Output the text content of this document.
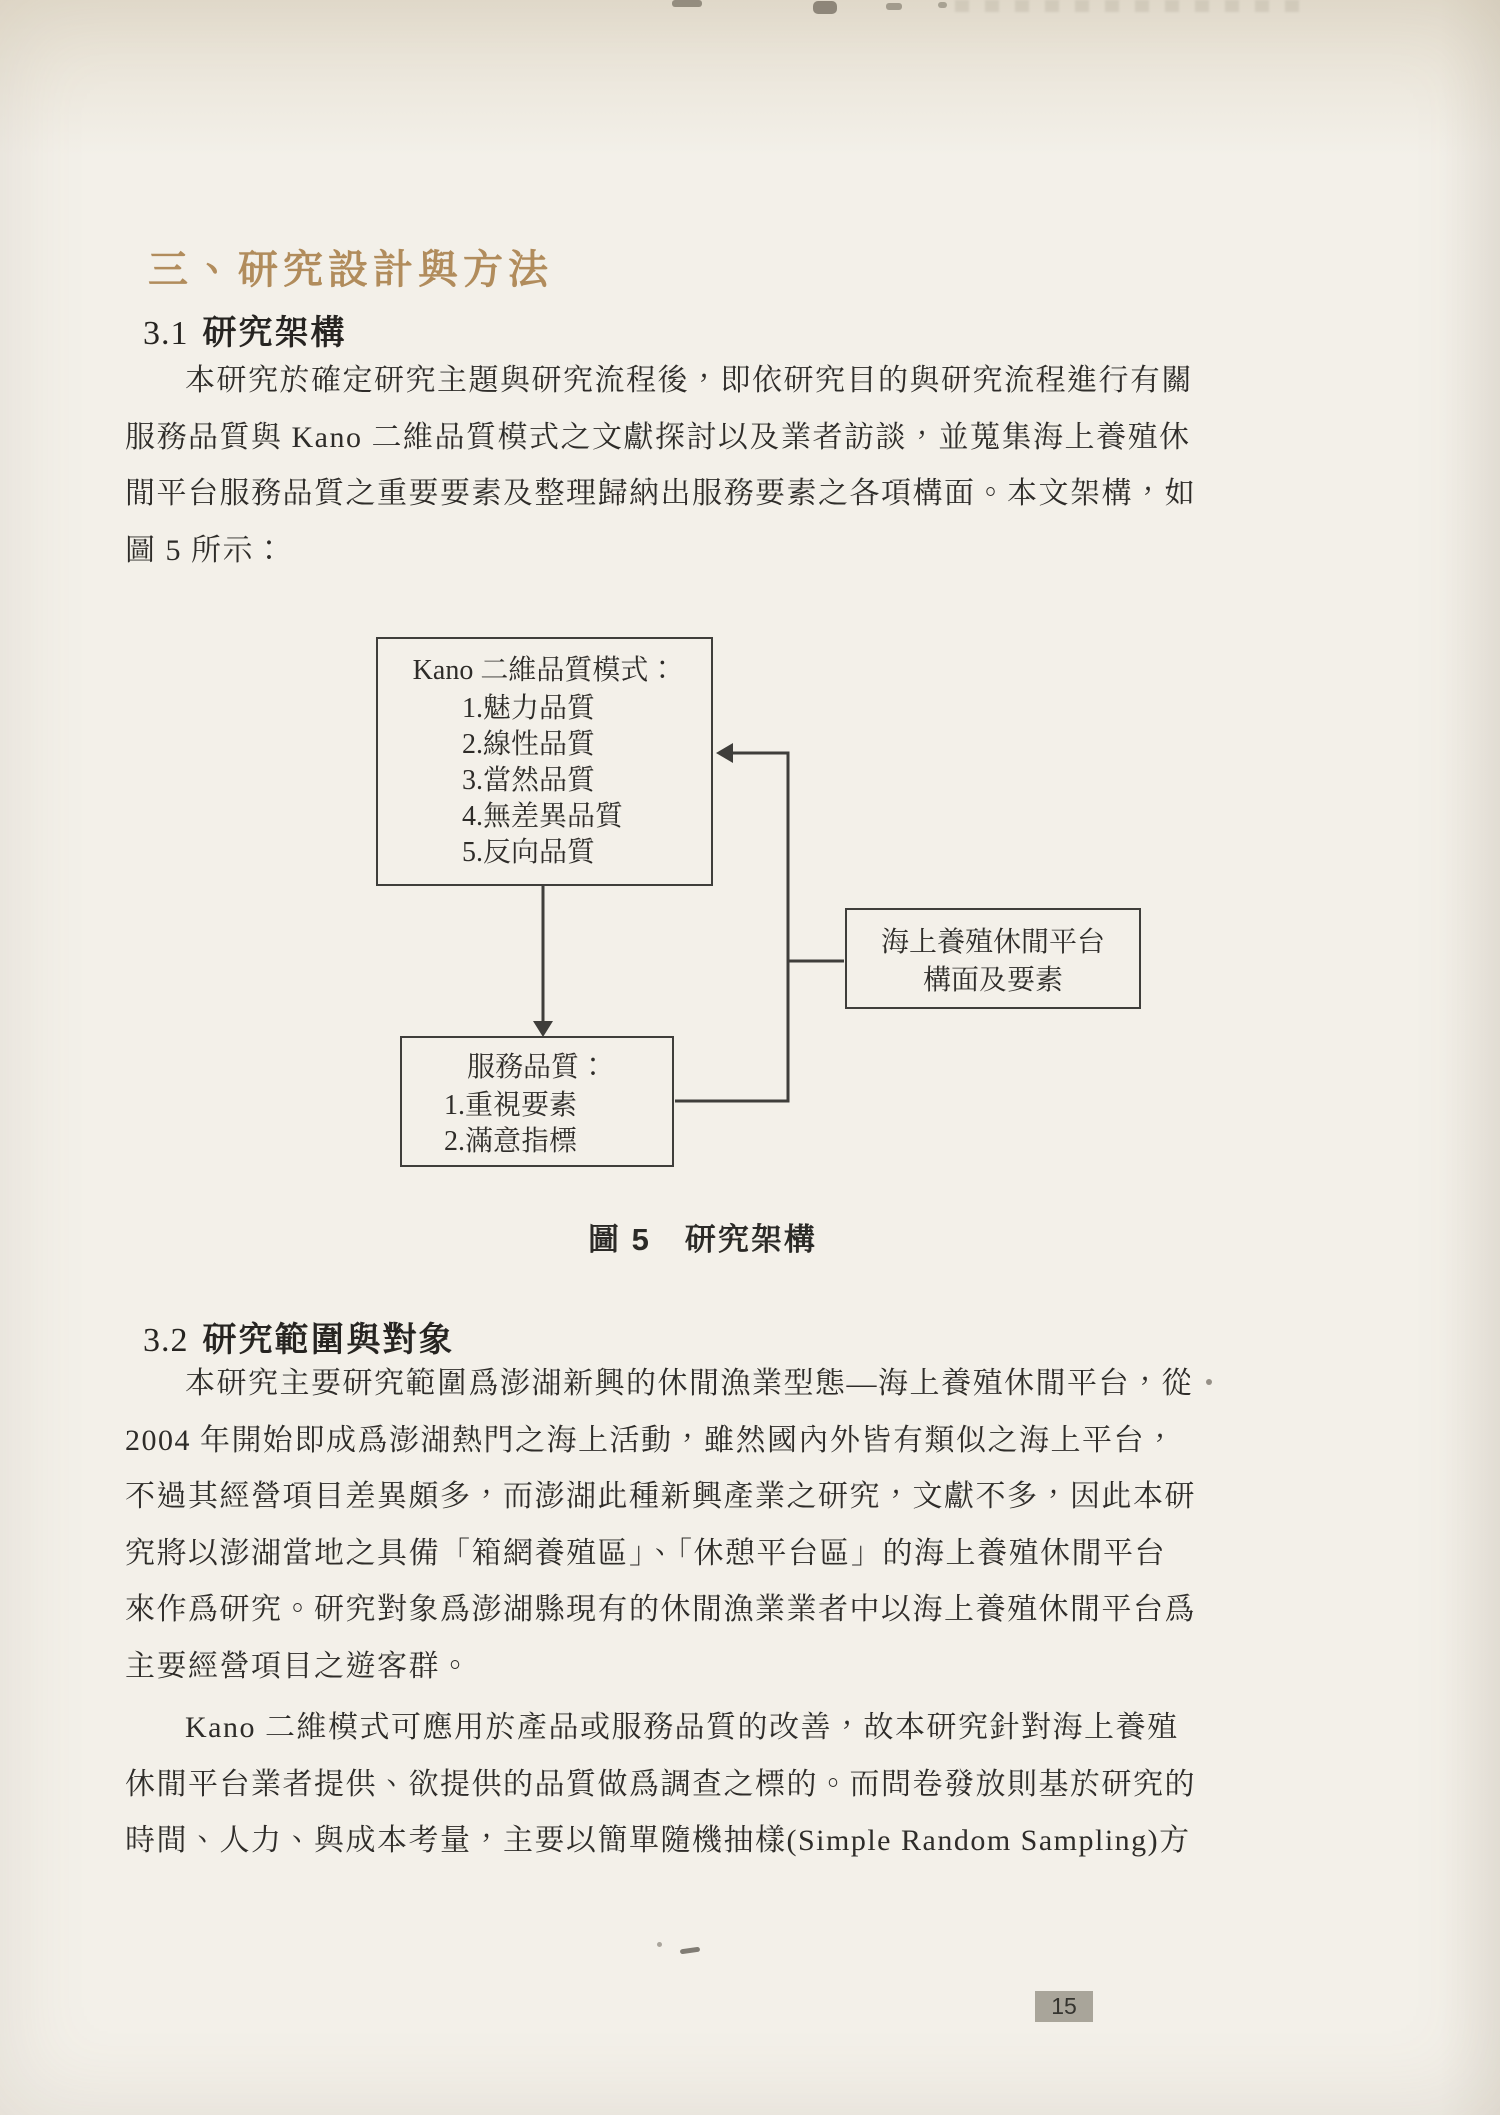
三、研究設計與方法
3.1 研究架構
本研究於確定研究主題與研究流程後，即依研究目的與研究流程進行有關
服務品質與 Kano 二維品質模式之文獻探討以及業者訪談，並蒐集海上養殖休
閒平台服務品質之重要要素及整理歸納出服務要素之各項構面。本文架構，如
圖 5 所示：
Kano 二維品質模式：
1.魅力品質
2.線性品質
3.當然品質
4.無差異品質
5.反向品質
服務品質：
1.重視要素
2.滿意指標
海上養殖休閒平台
構面及要素
圖 5 研究架構
3.2 研究範圍與對象
本研究主要研究範圍爲澎湖新興的休閒漁業型態—海上養殖休閒平台，從
2004 年開始即成爲澎湖熱門之海上活動，雖然國內外皆有類似之海上平台，
不過其經營項目差異頗多，而澎湖此種新興產業之研究，文獻不多，因此本研
究將以澎湖當地之具備「箱網養殖區」、「休憩平台區」的海上養殖休閒平台
來作爲研究。研究對象爲澎湖縣現有的休閒漁業業者中以海上養殖休閒平台爲
主要經營項目之遊客群。
Kano 二維模式可應用於產品或服務品質的改善，故本研究針對海上養殖
休閒平台業者提供、欲提供的品質做爲調查之標的。而問卷發放則基於研究的
時間、人力、與成本考量，主要以簡單隨機抽樣(Simple Random Sampling)方
15
